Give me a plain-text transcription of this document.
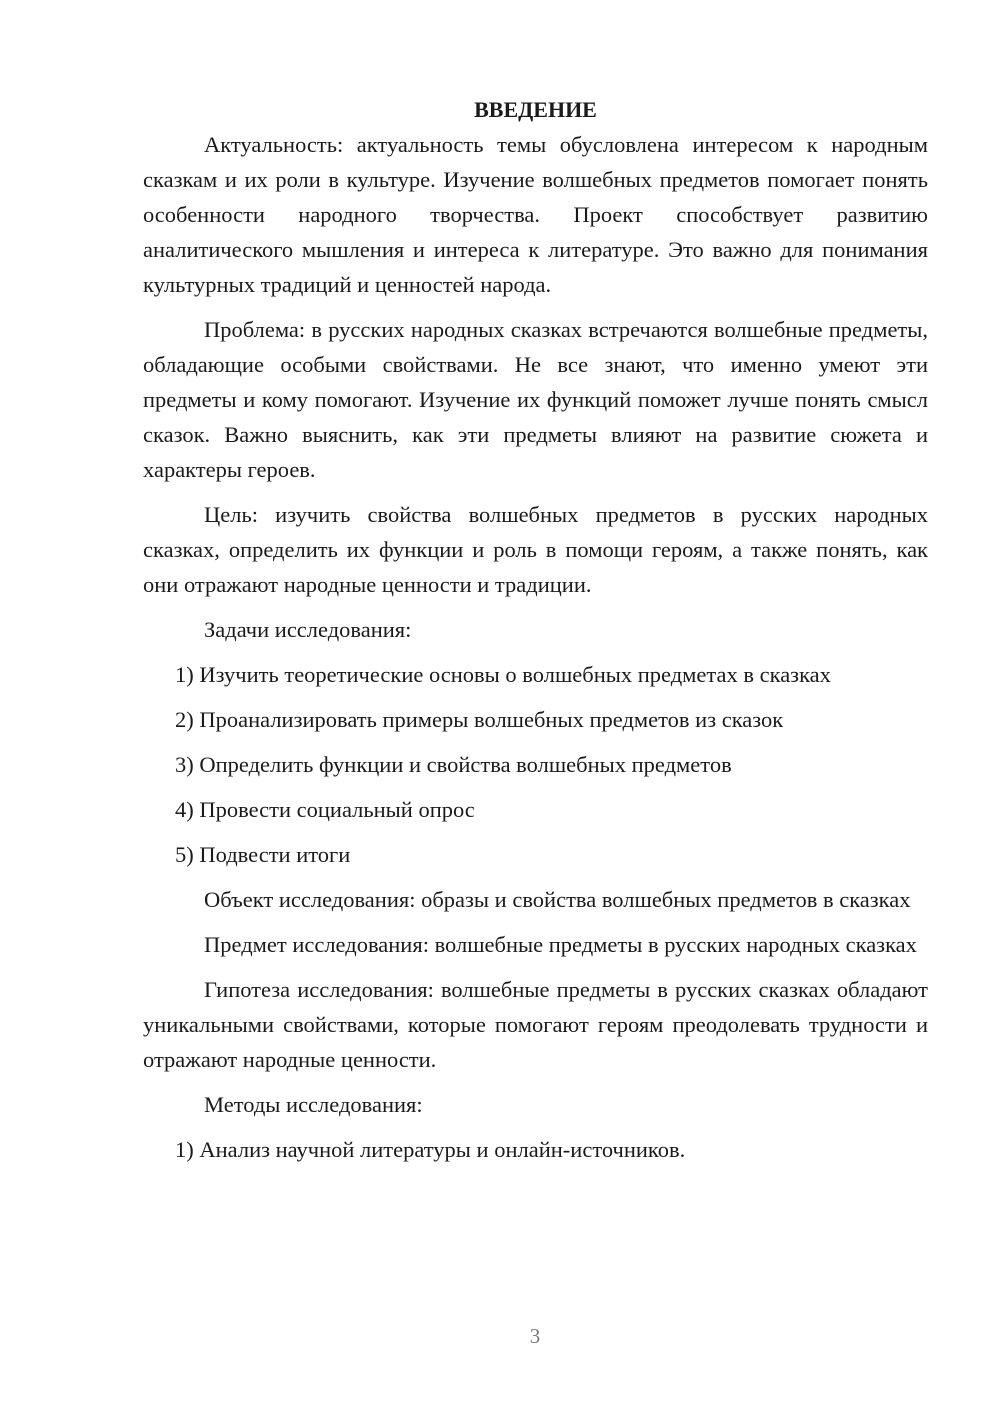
ВВЕДЕНИЕ

Актуальность: актуальность темы обусловлена интересом к народным сказкам и их роли в культуре. Изучение волшебных предметов помогает понять особенности народного творчества. Проект способствует развитию аналитического мышления и интереса к литературе. Это важно для понимания культурных традиций и ценностей народа.

Проблема: в русских народных сказках встречаются волшебные предметы, обладающие особыми свойствами. Не все знают, что именно умеют эти предметы и кому помогают. Изучение их функций поможет лучше понять смысл сказок. Важно выяснить, как эти предметы влияют на развитие сюжета и характеры героев.

Цель: изучить свойства волшебных предметов в русских народных сказках, определить их функции и роль в помощи героям, а также понять, как они отражают народные ценности и традиции.

Задачи исследования:

1) Изучить теоретические основы о волшебных предметах в сказках
2) Проанализировать примеры волшебных предметов из сказок
3) Определить функции и свойства волшебных предметов
4) Провести социальный опрос
5) Подвести итоги

Объект исследования: образы и свойства волшебных предметов в сказках

Предмет исследования: волшебные предметы в русских народных сказках

Гипотеза исследования: волшебные предметы в русских сказках обладают уникальными свойствами, которые помогают героям преодолевать трудности и отражают народные ценности.

Методы исследования:

1) Анализ научной литературы и онлайн-источников.
3
